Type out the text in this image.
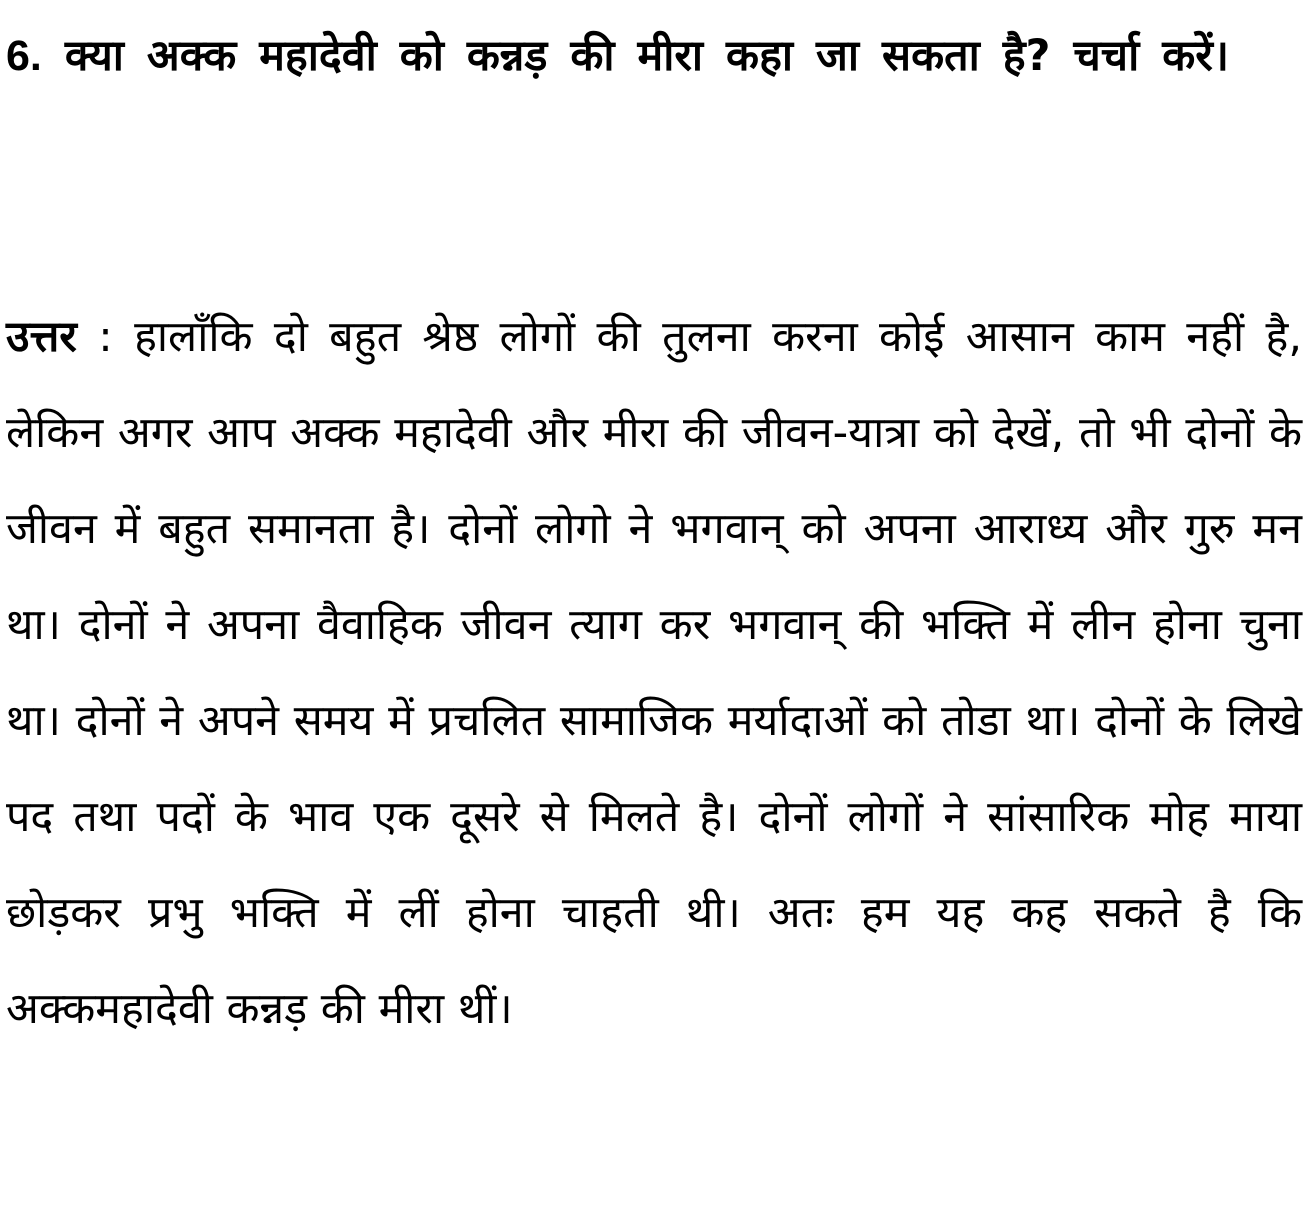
6. क्या अक्क महादेवी को कन्नड़ की मीरा कहा जा सकता है? चर्चा करें।

उत्तर : हालाँकि दो बहुत श्रेष्ठ लोगों की तुलना करना कोई आसान काम नहीं है, लेकिन अगर आप अक्क महादेवी और मीरा की जीवन-यात्रा को देखें, तो भी दोनों के जीवन में बहुत समानता है। दोनों लोगो ने भगवान् को अपना आराध्य और गुरु मन था। दोनों ने अपना वैवाहिक जीवन त्याग कर भगवान् की भक्ति में लीन होना चुना था। दोनों ने अपने समय में प्रचलित सामाजिक मर्यादाओं को तोडा था। दोनों के लिखे पद तथा पदों के भाव एक दूसरे से मिलते है। दोनों लोगों ने सांसारिक मोह माया छोड़कर प्रभु भक्ति में लीं होना चाहती थी। अतः हम यह कह सकते है कि अक्कमहादेवी कन्नड़ की मीरा थीं।
